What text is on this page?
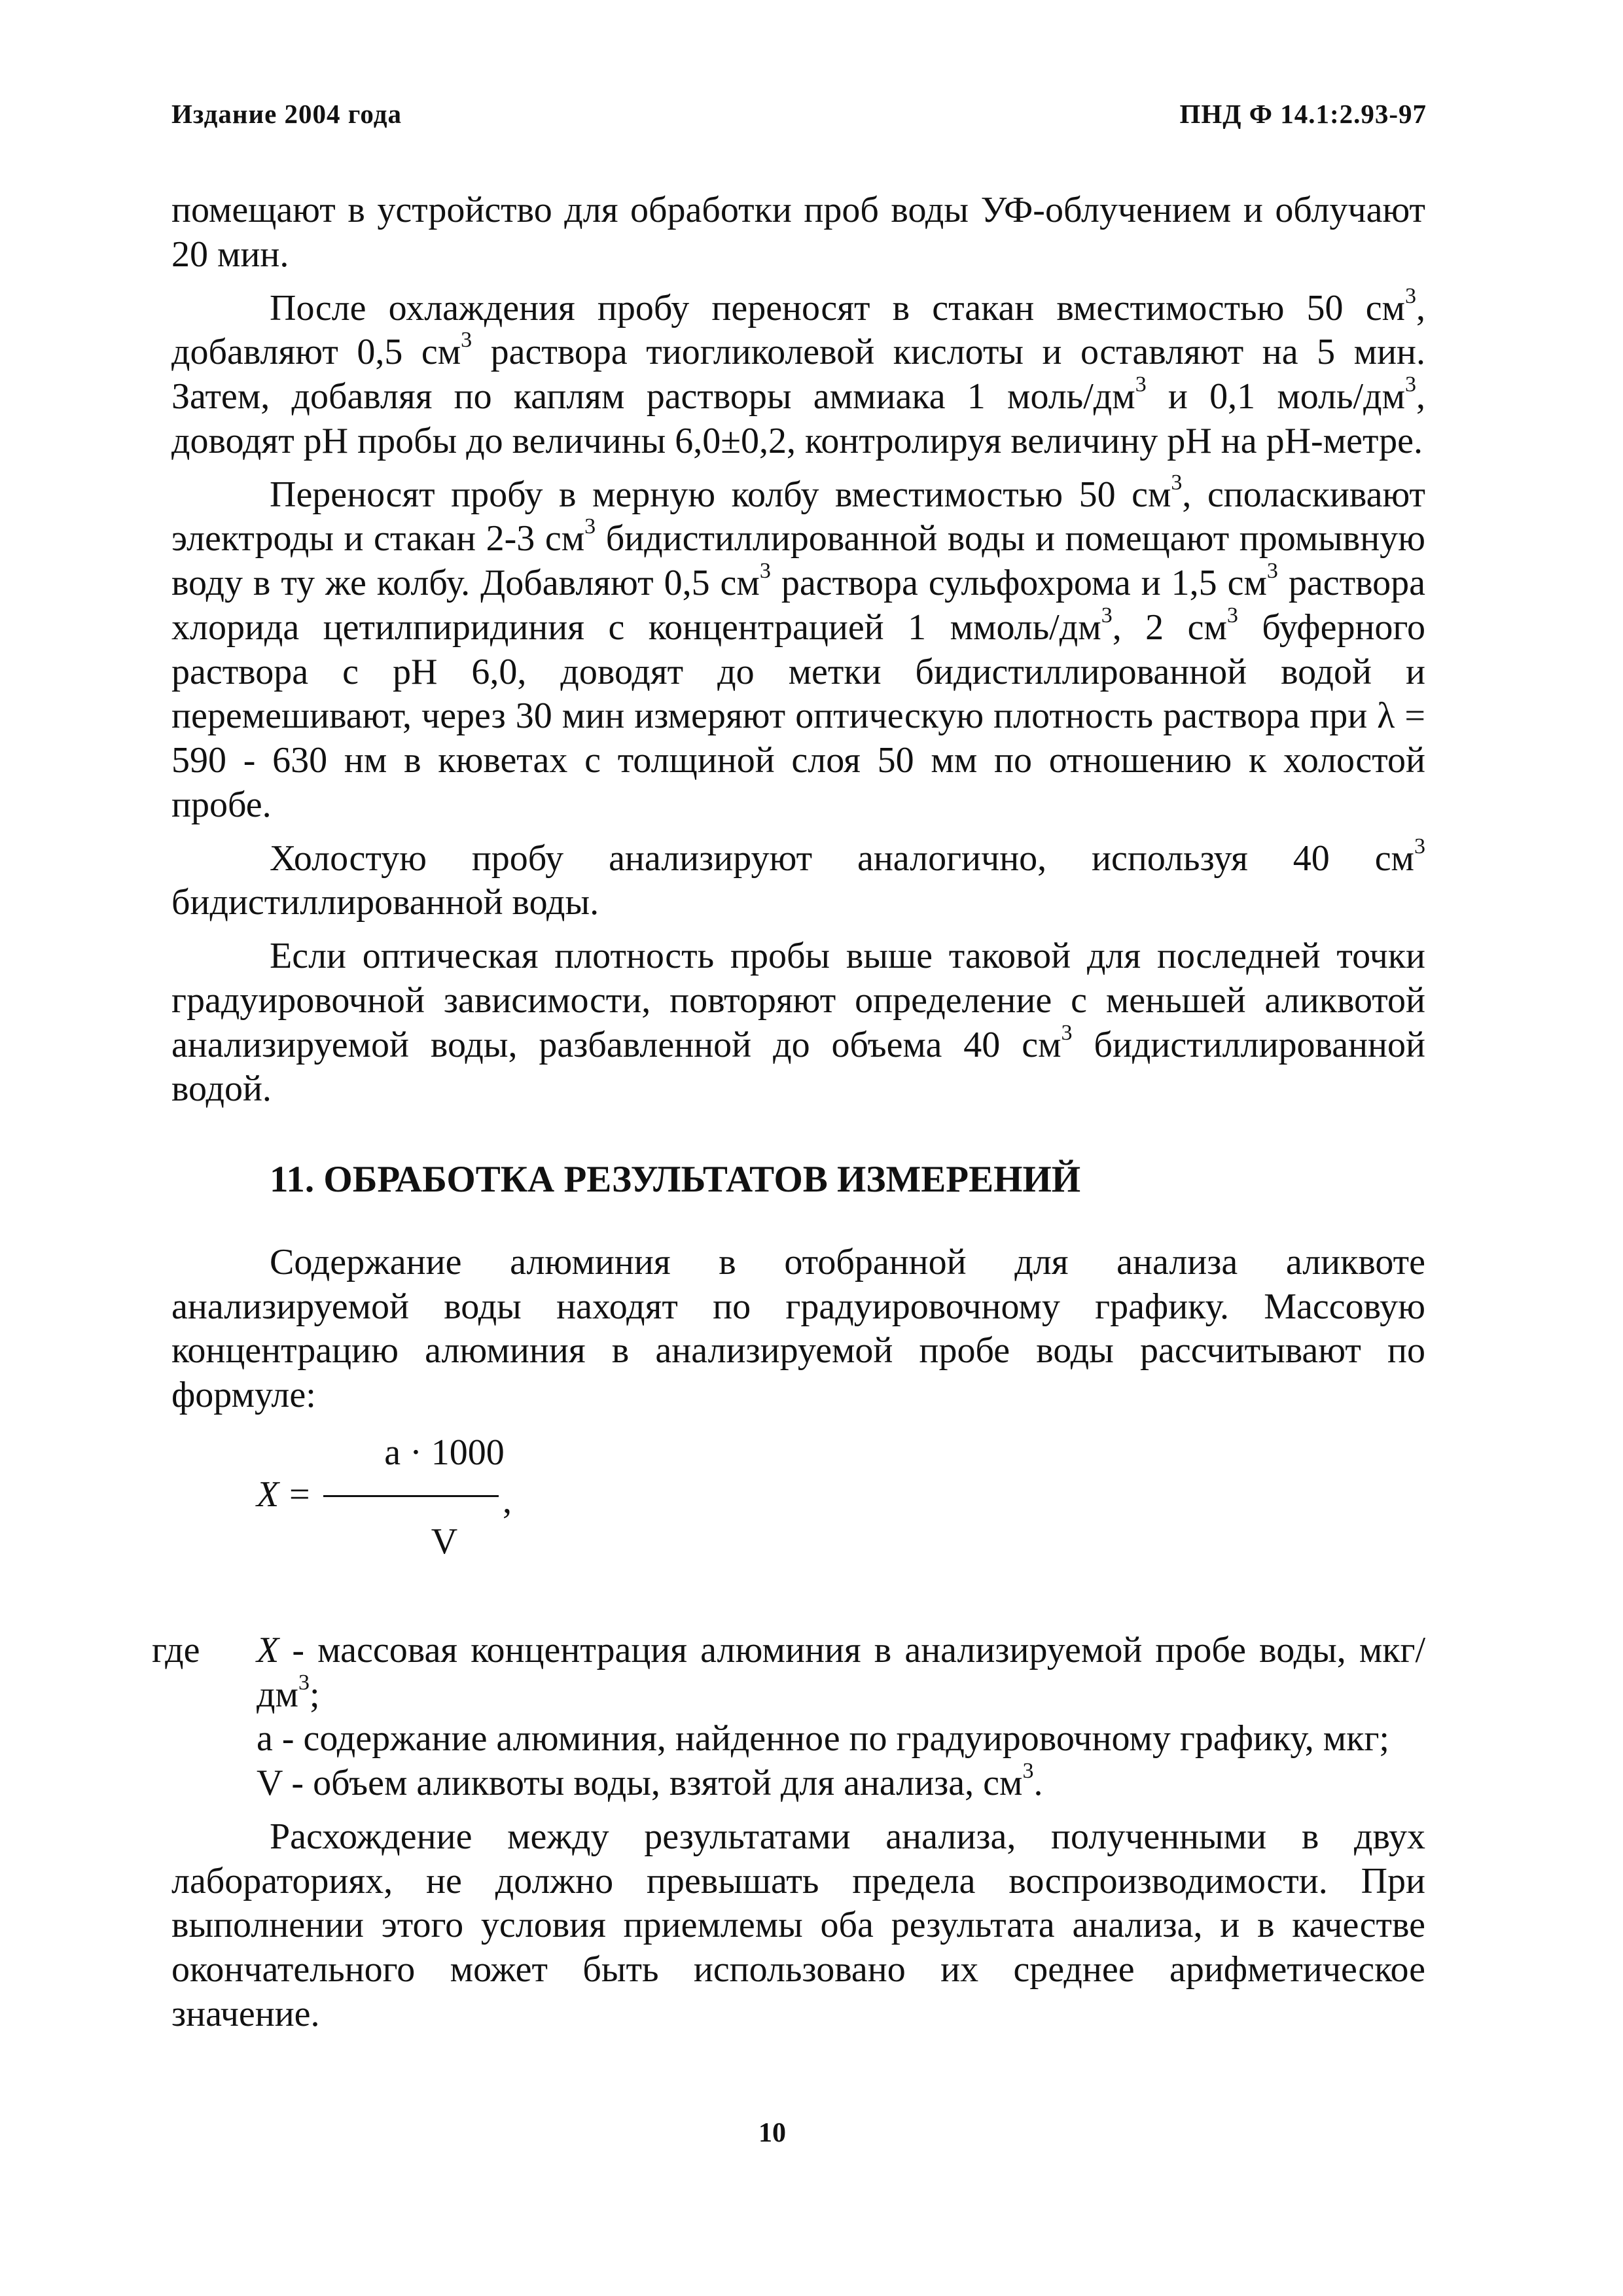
Издание 2004 года	ПНД Ф 14.1:2.93-97

помещают в устройство для обработки проб воды УФ-облучением и облучают 20 мин.

После охлаждения пробу переносят в стакан вместимостью 50 $см^3$, добавляют 0,5 $см^3$ раствора тиогликолевой кислоты и оставляют на 5 мин. Затем, добавляя по каплям растворы аммиака 1 моль/$дм^3$ и 0,1 моль/$дм^3$, доводят pH пробы до величины 6,0±0,2, контролируя величину pH на pH-метре.

Переносят пробу в мерную колбу вместимостью 50 $см^3$, споласкивают электроды и стакан 2-3 $см^3$ бидистиллированной воды и помещают промывную воду в ту же колбу. Добавляют 0,5 $см^3$ раствора сульфохрома и 1,5 $см^3$ раствора хлорида цетилпиридиния с концентрацией 1 ммоль/$дм^3$, 2 $см^3$ буферного раствора с pH 6,0, доводят до метки бидистиллированной водой и перемешивают, через 30 мин измеряют оптическую плотность раствора при λ = 590 - 630 нм в кюветах с толщиной слоя 50 мм по отношению к холостой пробе.

Холостую пробу анализируют аналогично, используя 40 $см^3$ бидистиллированной воды.

Если оптическая плотность пробы выше таковой для последней точки градуировочной зависимости, повторяют определение с меньшей аликвотой анализируемой воды, разбавленной до объема 40 $см^3$ бидистиллированной водой.

11. ОБРАБОТКА РЕЗУЛЬТАТОВ ИЗМЕРЕНИЙ

Содержание алюминия в отобранной для анализа аликвоте анализируемой воды находят по градуировочному графику. Массовую концентрацию алюминия в анализируемой пробе воды рассчитывают по формуле:

a · 1000
X =	,
V
где X - массовая концентрация алюминия в анализируемой пробе воды, мкг/$дм^3$;
a - содержание алюминия, найденное по градуировочному графику, мкг;
V - объем аликвоты воды, взятой для анализа, $см^3$.

Расхождение между результатами анализа, полученными в двух лабораториях, не должно превышать предела воспроизводимости. При выполнении этого условия приемлемы оба результата анализа, и в качестве окончательного может быть использовано их среднее арифметическое значение.

10
